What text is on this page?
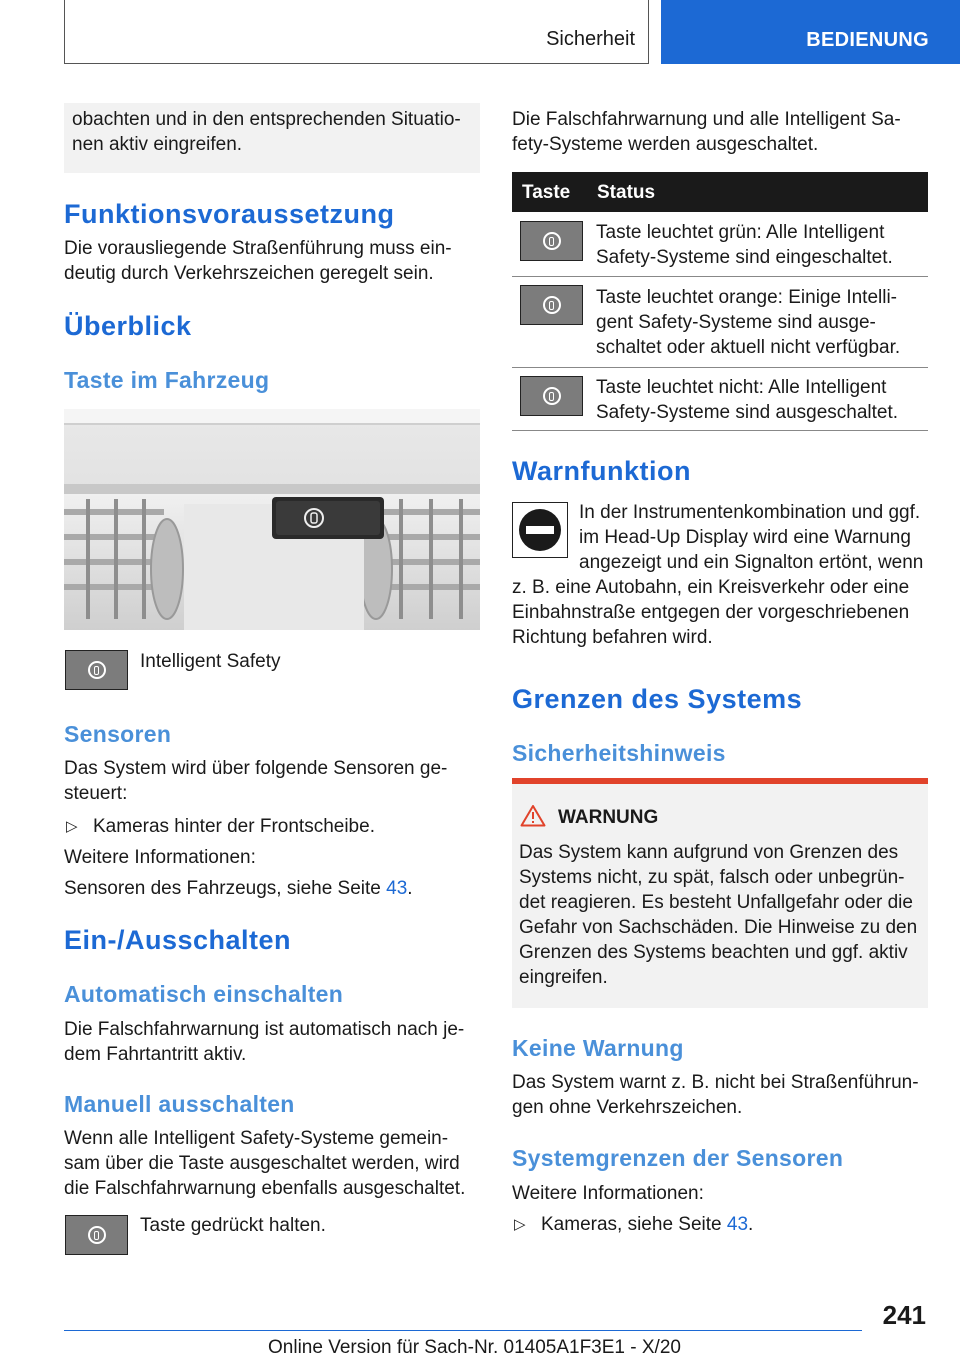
Sicherheit	BEDIENUNG
obachten und in den entsprechenden Situatio-
nen aktiv eingreifen.
Funktionsvoraussetzung
Die vorausliegende Straßenführung muss ein-
deutig durch Verkehrszeichen geregelt sein.
Überblick
Taste im Fahrzeug
Intelligent Safety
Sensoren
Das System wird über folgende Sensoren ge-
steuert:
▷ Kameras hinter der Frontscheibe.
Weitere Informationen:
Sensoren des Fahrzeugs, siehe Seite 43.
Ein-/Ausschalten
Automatisch einschalten
Die Falschfahrwarnung ist automatisch nach je-
dem Fahrtantritt aktiv.
Manuell ausschalten
Wenn alle Intelligent Safety-Systeme gemein-
sam über die Taste ausgeschaltet werden, wird
die Falschfahrwarnung ebenfalls ausgeschaltet.
Taste gedrückt halten.
Die Falschfahrwarnung und alle Intelligent Sa-
fety-Systeme werden ausgeschaltet.
Taste Status
Taste leuchtet grün: Alle Intelligent
Safety-Systeme sind eingeschaltet.
Taste leuchtet orange: Einige Intelli-
gent Safety-Systeme sind ausge-
schaltet oder aktuell nicht verfügbar.
Taste leuchtet nicht: Alle Intelligent
Safety-Systeme sind ausgeschaltet.
Warnfunktion
In der Instrumentenkombination und ggf.
im Head-Up Display wird eine Warnung
angezeigt und ein Signalton ertönt, wenn
z. B. eine Autobahn, ein Kreisverkehr oder eine
Einbahnstraße entgegen der vorgeschriebenen
Richtung befahren wird.
Grenzen des Systems
Sicherheitshinweis
WARNUNG
Das System kann aufgrund von Grenzen des
Systems nicht, zu spät, falsch oder unbegrün-
det reagieren. Es besteht Unfallgefahr oder die
Gefahr von Sachschäden. Die Hinweise zu den
Grenzen des Systems beachten und ggf. aktiv
eingreifen.
Keine Warnung
Das System warnt z. B. nicht bei Straßenführun-
gen ohne Verkehrszeichen.
Systemgrenzen der Sensoren
Weitere Informationen:
▷ Kameras, siehe Seite 43.
241
Online Version für Sach-Nr. 01405A1F3E1 - X/20
